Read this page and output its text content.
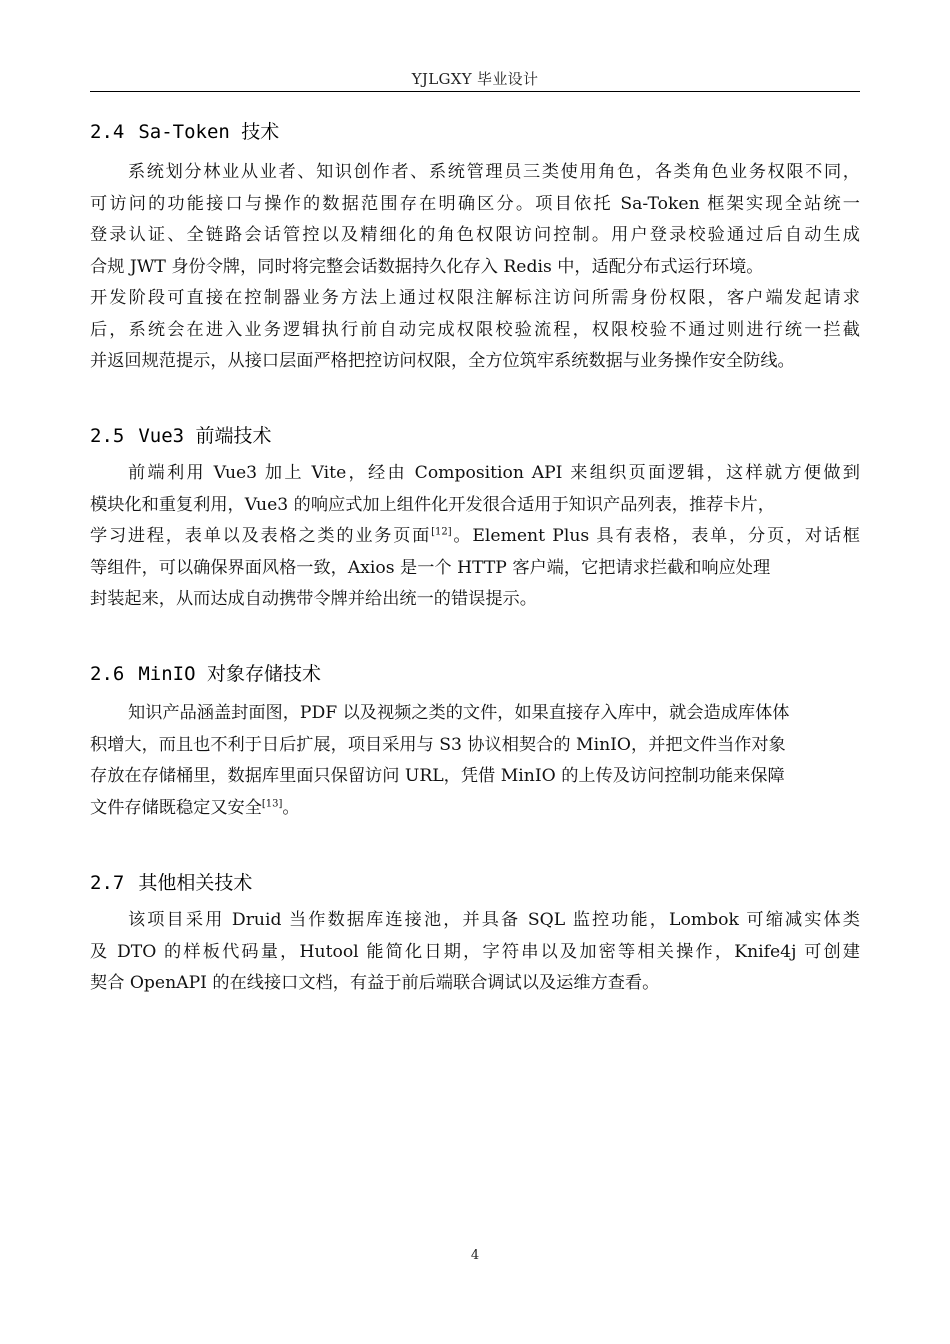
YJLGXY 毕业设计
2.4 Sa-Token 技术
系统划分林业从业者、知识创作者、系统管理员三类使用角色，各类角色业务权限不同，
可访问的功能接口与操作的数据范围存在明确区分。项目依托 Sa-Token 框架实现全站统一
登录认证、全链路会话管控以及精细化的角色权限访问控制。用户登录校验通过后自动生成
合规 JWT 身份令牌，同时将完整会话数据持久化存入 Redis 中，适配分布式运行环境。
开发阶段可直接在控制器业务方法上通过权限注解标注访问所需身份权限，客户端发起请求
后，系统会在进入业务逻辑执行前自动完成权限校验流程，权限校验不通过则进行统一拦截
并返回规范提示，从接口层面严格把控访问权限，全方位筑牢系统数据与业务操作安全防线。
2.5 Vue3 前端技术
前端利用 Vue3 加上 Vite，经由 Composition API 来组织页面逻辑，这样就方便做到
模块化和重复利用，Vue3 的响应式加上组件化开发很合适用于知识产品列表，推荐卡片，
学习进程，表单以及表格之类的业务页面[12]。Element Plus 具有表格，表单，分页，对话框
等组件，可以确保界面风格一致，Axios 是一个 HTTP 客户端，它把请求拦截和响应处理
封装起来，从而达成自动携带令牌并给出统一的错误提示。
2.6 MinIO 对象存储技术
知识产品涵盖封面图，PDF 以及视频之类的文件，如果直接存入库中，就会造成库体体
积增大，而且也不利于日后扩展，项目采用与 S3 协议相契合的 MinIO，并把文件当作对象
存放在存储桶里，数据库里面只保留访问 URL，凭借 MinIO 的上传及访问控制功能来保障
文件存储既稳定又安全[13]。
2.7 其他相关技术
该项目采用 Druid 当作数据库连接池，并具备 SQL 监控功能，Lombok 可缩减实体类
及 DTO 的样板代码量，Hutool 能简化日期，字符串以及加密等相关操作，Knife4j 可创建
契合 OpenAPI 的在线接口文档，有益于前后端联合调试以及运维方查看。
4
